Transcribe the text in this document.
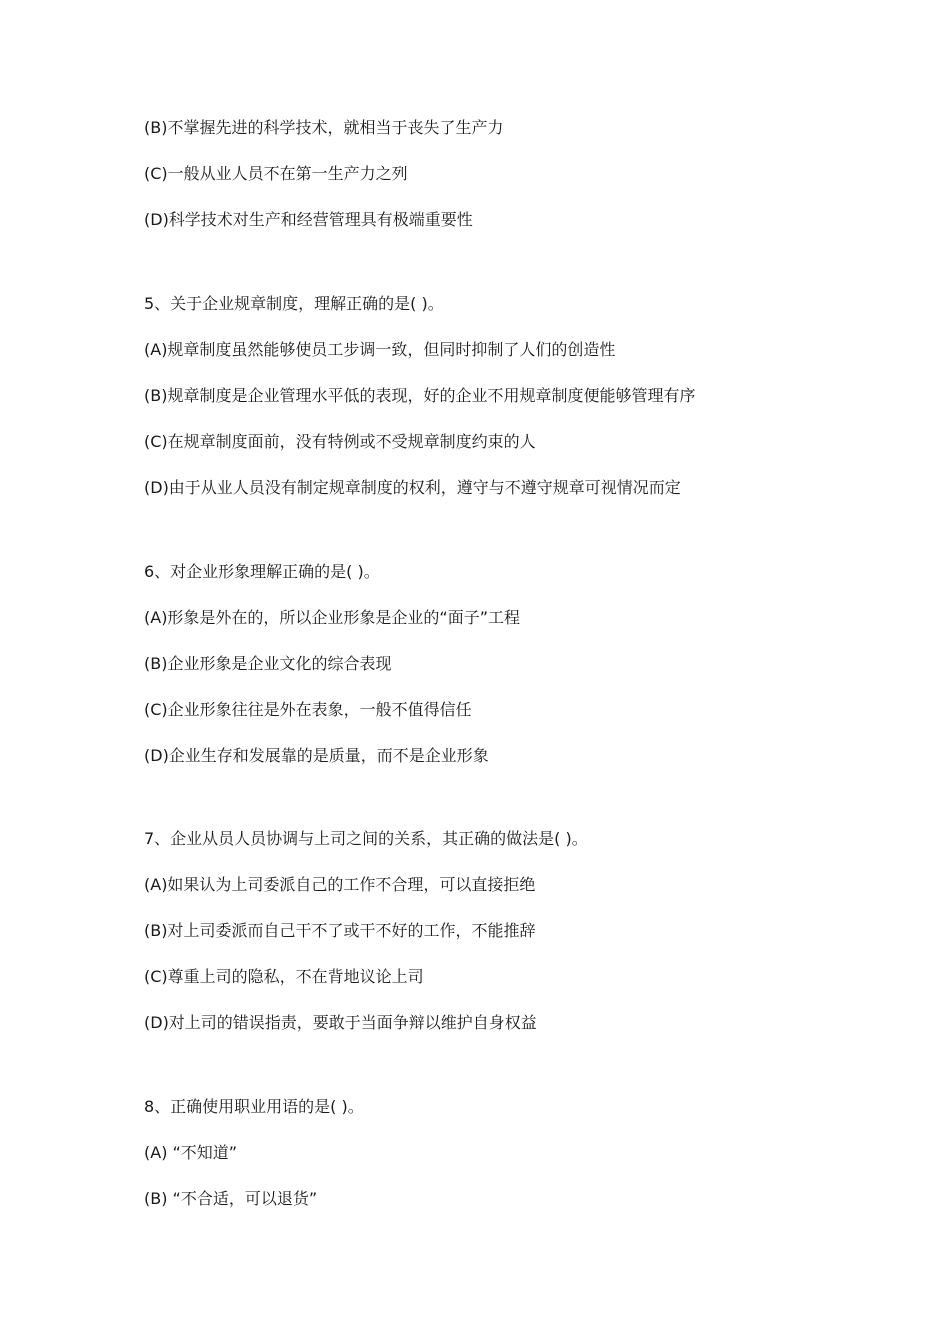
(B)不掌握先进的科学技术，就相当于丧失了生产力
(C)一般从业人员不在第一生产力之列
(D)科学技术对生产和经营管理具有极端重要性
5、关于企业规章制度，理解正确的是( )。
(A)规章制度虽然能够使员工步调一致，但同时抑制了人们的创造性
(B)规章制度是企业管理水平低的表现，好的企业不用规章制度便能够管理有序
(C)在规章制度面前，没有特例或不受规章制度约束的人
(D)由于从业人员没有制定规章制度的权利，遵守与不遵守规章可视情况而定
6、对企业形象理解正确的是( )。
(A)形象是外在的，所以企业形象是企业的“面子”工程
(B)企业形象是企业文化的综合表现
(C)企业形象往往是外在表象，一般不值得信任
(D)企业生存和发展靠的是质量，而不是企业形象
7、企业从员人员协调与上司之间的关系，其正确的做法是( )。
(A)如果认为上司委派自己的工作不合理，可以直接拒绝
(B)对上司委派而自己干不了或干不好的工作，不能推辞
(C)尊重上司的隐私，不在背地议论上司
(D)对上司的错误指责，要敢于当面争辩以维护自身权益
8、正确使用职业用语的是( )。
(A) “不知道”
(B) “不合适，可以退货”
